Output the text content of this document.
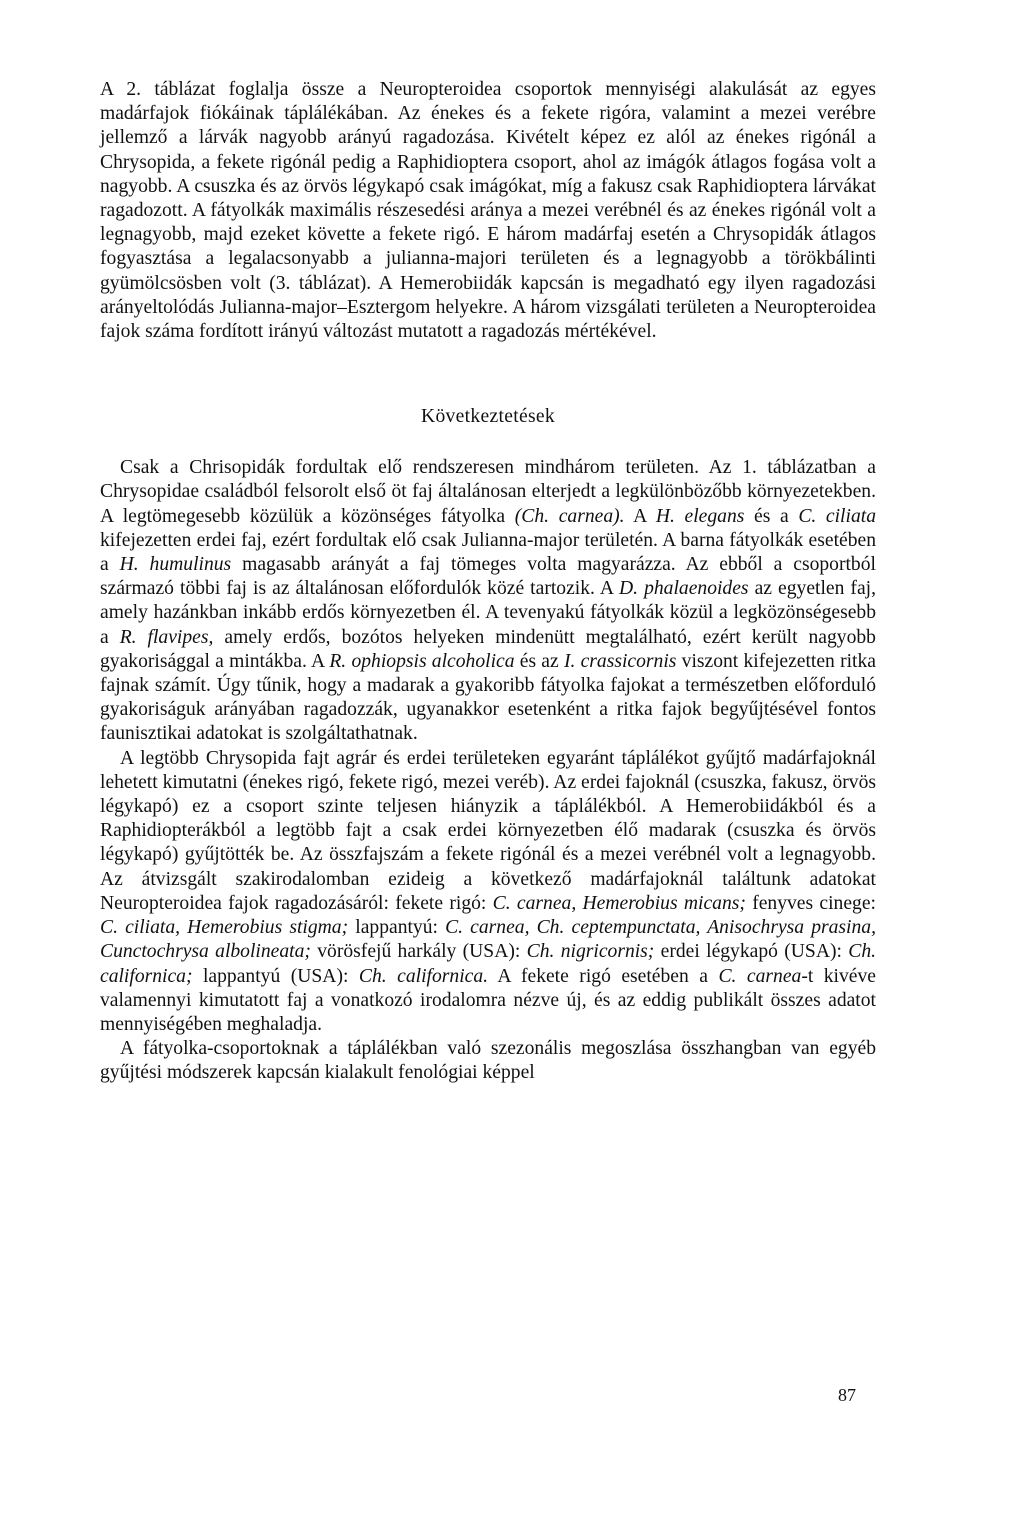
A 2. táblázat foglalja össze a Neuropteroidea csoportok mennyiségi alakulását az egyes madárfajok fiókáinak táplálékában. Az énekes és a fekete rigóra, valamint a mezei verébre jellemző a lárvák nagyobb arányú ragadozása. Kivételt képez ez alól az énekes rigónál a Chrysopida, a fekete rigónál pedig a Raphidioptera csoport, ahol az imágók átlagos fogása volt a nagyobb. A csuszka és az örvös légykapó csak imágókat, míg a fakusz csak Raphidioptera lárvákat ragadozott. A fátyolkák maximális részesedési aránya a mezei verébnél és az énekes rigónál volt a legnagyobb, majd ezeket követte a fekete rigó. E három madárfaj esetén a Chrysopidák átlagos fogyasztása a legalacsonyabb a julianna-majori területen és a legnagyobb a törökbálinti gyümölcsösben volt (3. táblázat). A Hemerobiidák kapcsán is megadható egy ilyen ragadozási arányeltolódás Julianna-major–Esztergom helyekre. A három vizsgálati területen a Neuropteroidea fajok száma fordított irányú változást mutatott a ragadozás mértékével.

Következtetések

Csak a Chrisopidák fordultak elő rendszeresen mindhárom területen. Az 1. táblázatban a Chrysopidae családból felsorolt első öt faj általánosan elterjedt a legkülönbözőbb környezetekben. A legtömegesebb közülük a közönséges fátyolka (Ch. carnea). A H. elegans és a C. ciliata kifejezetten erdei faj, ezért fordultak elő csak Julianna-major területén. A barna fátyolkák esetében a H. humulinus magasabb arányát a faj tömeges volta magyarázza. Az ebből a csoportból származó többi faj is az általánosan előfordulók közé tartozik. A D. phalaenoides az egyetlen faj, amely hazánkban inkább erdős környezetben él. A tevenyakú fátyolkák közül a legközönségesebb a R. flavipes, amely erdős, bozótos helyeken mindenütt megtalálható, ezért került nagyobb gyakorisággal a mintákba. A R. ophiopsis alcoholica és az I. crassicornis viszont kifejezetten ritka fajnak számít. Úgy tűnik, hogy a madarak a gyakoribb fátyolka fajokat a természetben előforduló gyakoriságuk arányában ragadozzák, ugyanakkor esetenként a ritka fajok begyűjtésével fontos faunisztikai adatokat is szolgáltathatnak.

A legtöbb Chrysopida fajt agrár és erdei területeken egyaránt táplálékot gyűjtő madárfajoknál lehetett kimutatni (énekes rigó, fekete rigó, mezei veréb). Az erdei fajoknál (csuszka, fakusz, örvös légykapó) ez a csoport szinte teljesen hiányzik a táplálékból. A Hemerobiidákból és a Raphidiopterákból a legtöbb fajt a csak erdei környezetben élő madarak (csuszka és örvös légykapó) gyűjtötték be. Az összfajszám a fekete rigónál és a mezei verébnél volt a legnagyobb. Az átvizsgált szakirodalomban ezideig a következő madárfajoknál találtunk adatokat Neuropteroidea fajok ragadozásáról: fekete rigó: C. carnea, Hemerobius micans; fenyves cinege: C. ciliata, Hemerobius stigma; lappantyú: C. carnea, Ch. ceptempunctata, Anisochrysa prasina, Cunctochrysa albolineata; vörösfejű harkály (USA): Ch. nigricornis; erdei légykapó (USA): Ch. californica; lappantyú (USA): Ch. californica. A fekete rigó esetében a C. carnea-t kivéve valamennyi kimutatott faj a vonatkozó irodalomra nézve új, és az eddig publikált összes adatot mennyiségében meghaladja.

A fátyolka-csoportoknak a táplálékban való szezonális megoszlása összhangban van egyéb gyűjtési módszerek kapcsán kialakult fenológiai képpel

87
